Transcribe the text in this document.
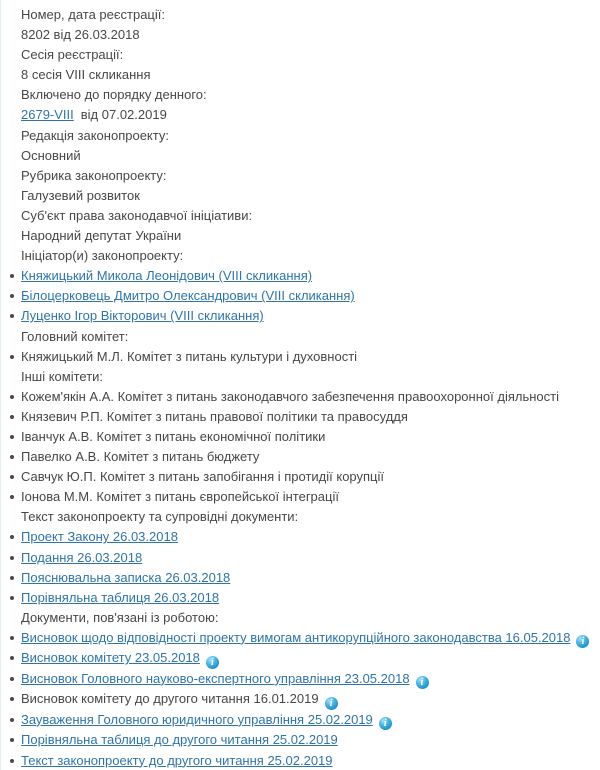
Номер, дата реєстрації:
8202 від 26.03.2018
Сесія реєстрації:
8 сесія VIII скликання
Включено до порядку денного:
2679-VIII від 07.02.2019
Редакція законопроекту:
Основний
Рубрика законопроекту:
Галузевий розвиток
Суб'єкт права законодавчої ініціативи:
Народний депутат України
Ініціатор(и) законопроекту:
Княжицький Микола Леонідович (VIII скликання)
Білоцерковець Дмитро Олександрович (VIII скликання)
Луценко Ігор Вікторович (VIII скликання)
Головний комітет:
Княжицький М.Л. Комітет з питань культури і духовності
Інші комітети:
Кожем'якін А.А. Комітет з питань законодавчого забезпечення правоохоронної діяльності
Князевич Р.П. Комітет з питань правової політики та правосуддя
Іванчук А.В. Комітет з питань економічної політики
Павелко А.В. Комітет з питань бюджету
Савчук Ю.П. Комітет з питань запобігання і протидії корупції
Іонова М.М. Комітет з питань європейської інтеграції
Текст законопроекту та супровідні документи:
Проект Закону 26.03.2018
Подання 26.03.2018
Пояснювальна записка 26.03.2018
Порівняльна таблиця 26.03.2018
Документи, пов'язані із роботою:
Висновок щодо відповідності проекту вимогам антикорупційного законодавства 16.05.2018 i
Висновок комітету 23.05.2018 i
Висновок Головного науково-експертного управління 23.05.2018 i
Висновок комітету до другого читання 16.01.2019 i
Зауваження Головного юридичного управління 25.02.2019 i
Порівняльна таблиця до другого читання 25.02.2019
Текст законопроекту до другого читання 25.02.2019
